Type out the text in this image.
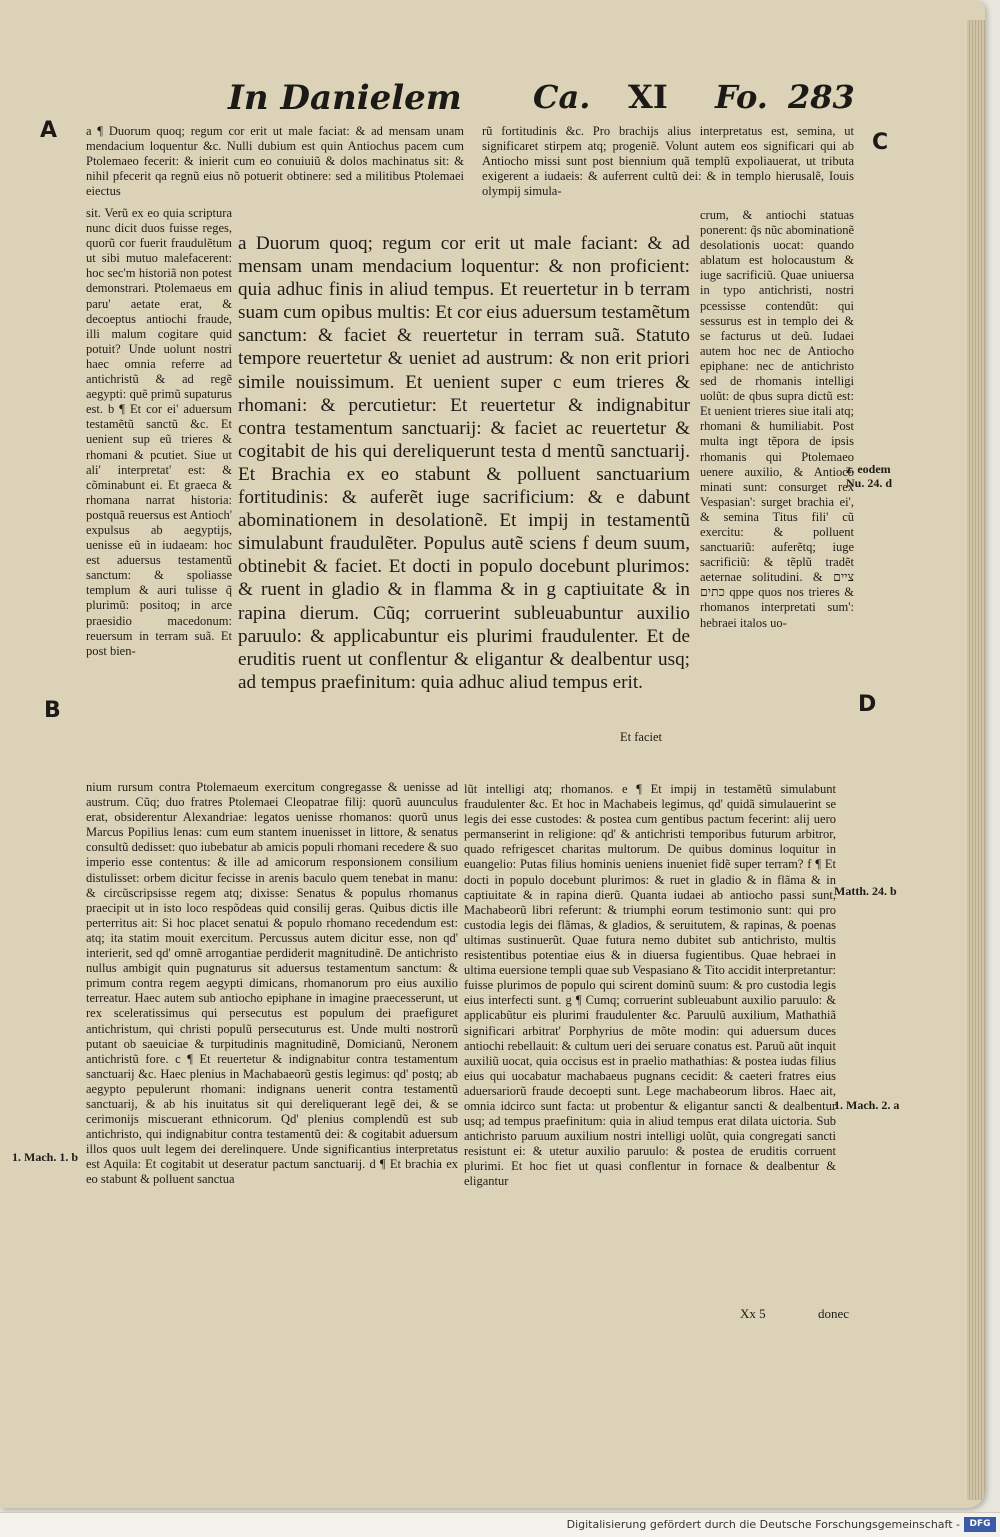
In Danielem Ca. XI Fo. 283
A
B
C
D
a ¶ Duorum quoq; regum cor erit ut male faciat: & ad mensam unam mendacium loquentur &c. Nulli dubium est quin Antiochus pacem cum Ptolemaeo fecerit: & inierit cum eo conuiuiũ & dolos machinatus sit: & nihil pfecerit qa regnũ eius nõ potuerit obtinere: sed a militibus Ptolemaei eiectus
rũ fortitudinis &c. Pro brachijs alius interpretatus est, semina, ut significaret stirpem atq; progeniẽ. Volunt autem eos significari qui ab Antiocho missi sunt post biennium quã templũ expoliauerat, ut tributa exigerent a iudaeis: & auferrent cultũ dei: & in templo hierusalẽ, Iouis olympij simula-
sit. Verũ ex eo quia scriptura nunc dicit duos fuisse reges, quorũ cor fuerit fraudulẽtum ut sibi mutuo malefacerent: hoc sec'm historiã non potest demonstrari. Ptolemaeus em paru' aetate erat, & decoeptus antiochi fraude, illi malum cogitare quid potuit? Unde uolunt nostri haec omnia referre ad antichristũ & ad regẽ aegypti: quẽ primũ supaturus est. b ¶ Et cor ei' aduersum testamẽtũ sanctũ &c. Et uenient sup eũ trieres & rhomani & pcutiet. Siue ut ali' interpretat' est: & cõminabunt ei. Et graeca & rhomana narrat historia: postquã reuersus est Antioch' expulsus ab aegyptijs, uenisse eũ in iudaeam: hoc est aduersus testamentũ sanctum: & spoliasse templum & auri tulisse q̃ plurimũ: positoq; in arce praesidio macedonum: reuersum in terram suã. Et post bien-
crum, & antiochi statuas ponerent: q̃s nũc abominationẽ desolationis uocat: quando ablatum est holocaustum & iuge sacrificiũ. Quae uniuersa in typo antichristi, nostri pcessisse contendũt: qui sessurus est in templo dei & se facturus ut deũ. Iudaei autem hoc nec de Antiocho epiphane: nec de antichristo sed de rhomanis intelligi uolũt: de qbus supra dictũ est: Et uenient trieres siue itali atq; rhomani & humiliabit. Post multa ingt tẽpora de ipsis rhomanis qui Ptolemaeo uenere auxilio, & Antiocõ minati sunt: consurget rex Vespasian': surget brachia ei', & semina Titus fili' cũ exercitu: & polluent sanctuariũ: auferẽtq; iuge sacrificiũ: & tẽplũ tradẽt aeternae solitudini. ציים & כתים qppe quos nos trieres & rhomanos interpretati sum': hebraei italos uo-
a Duorum quoq; regum cor erit ut male faciant: & ad mensam unam mendacium loquentur: & non proficient: quia adhuc finis in aliud tempus. Et reuertetur in b terram suam cum opibus multis: Et cor eius aduersum testamẽtum sanctum: & faciet & reuertetur in terram suã. Statuto tempore reuertetur & ueniet ad austrum: & non erit priori simile nouissimum. Et uenient super c eum trieres & rhomani: & percutietur: Et reuertetur & indignabitur contra testamentum sanctuarij: & faciet ac reuertetur & cogitabit de his qui dereliquerunt testa d mentũ sanctuarij. Et Brachia ex eo stabunt & polluent sanctuarium fortitudinis: & auferẽt iuge sacrificium: & e dabunt abominationem in desolationẽ. Et impij in testamentũ simulabunt fraudulẽter. Populus autẽ sciens f deum suum, obtinebit & faciet. Et docti in populo docebunt plurimos: & ruent in gladio & in flamma & in g captiuitate & in rapina dierum. Cũq; corruerint subleuabuntur auxilio paruulo: & applicabuntur eis plurimi fraudulenter. Et de eruditis ruent ut conflentur & eligantur & dealbentur usq; ad tempus praefinitum: quia adhuc aliud tempus erit.
Et faciet
nium rursum contra Ptolemaeum exercitum congregasse & uenisse ad austrum. Cũq; duo fratres Ptolemaei Cleopatrae filij: quorũ auunculus erat, obsiderentur Alexandriae: legatos uenisse rhomanos: quorũ unus Marcus Popilius lenas: cum eum stantem inuenisset in littore, & senatus consultũ dedisset: quo iubebatur ab amicis populi rhomani recedere & suo imperio esse contentus: & ille ad amicorum responsionem consilium distulisset: orbem dicitur fecisse in arenis baculo quem tenebat in manu: & circũscripsisse regem atq; dixisse: Senatus & populus rhomanus praecipit ut in isto loco respõdeas quid consilij geras. Quibus dictis ille perterritus ait: Si hoc placet senatui & populo rhomano recedendum est: atq; ita statim mouit exercitum. Percussus autem dicitur esse, non qd' interierit, sed qd' omnẽ arrogantiae perdiderit magnitudinẽ. De antichristo nullus ambigit quin pugnaturus sit aduersus testamentum sanctum: & primum contra regem aegypti dimicans, rhomanorum pro eius auxilio terreatur. Haec autem sub antiocho epiphane in imagine praecesserunt, ut rex sceleratissimus qui persecutus est populum dei praefiguret antichristum, qui christi populũ persecuturus est. Unde multi nostrorũ putant ob saeuiciae & turpitudinis magnitudinẽ, Domicianũ, Neronem antichristũ fore. c ¶ Et reuertetur & indignabitur contra testamentum sanctuarij &c. Haec plenius in Machabaeorũ gestis legimus: qd' postq; ab aegypto pepulerunt rhomani: indignans uenerit contra testamentũ sanctuarij, & ab his inuitatus sit qui dereliquerant legẽ dei, & se cerimonijs miscuerant ethnicorum. Qd' plenius complendũ est sub antichristo, qui indignabitur contra testamentũ dei: & cogitabit aduersum illos quos uult legem dei derelinquere. Unde significantius interpretatus est Aquila: Et cogitabit ut deseratur pactum sanctuarij. d ¶ Et brachia ex eo stabunt & polluent sanctua
lũt intelligi atq; rhomanos. e ¶ Et impij in testamẽtũ simulabunt fraudulenter &c. Et hoc in Machabeis legimus, qd' quidã simulauerint se legis dei esse custodes: & postea cum gentibus pactum fecerint: alij uero permanserint in religione: qd' & antichristi temporibus futurum arbitror, quado refrigescet charitas multorum. De quibus dominus loquitur in euangelio: Putas filius hominis ueniens inueniet fidẽ super terram? f ¶ Et docti in populo docebunt plurimos: & ruet in gladio & in flãma & in captiuitate & in rapina dierũ. Quanta iudaei ab antiocho passi sunt, Machabeorũ libri referunt: & triumphi eorum testimonio sunt: qui pro custodia legis dei flãmas, & gladios, & seruitutem, & rapinas, & poenas ultimas sustinuerũt. Quae futura nemo dubitet sub antichristo, multis resistentibus potentiae eius & in diuersa fugientibus. Quae hebraei in ultima euersione templi quae sub Vespasiano & Tito accidit interpretantur: fuisse plurimos de populo qui scirent dominũ suum: & pro custodia legis eius interfecti sunt. g ¶ Cumq; corruerint subleuabunt auxilio paruulo: & applicabũtur eis plurimi fraudulenter &c. Paruulũ auxilium, Mathathiã significari arbitrat' Porphyrius de mõte modin: qui aduersum duces antiochi rebellauit: & cultum ueri dei seruare conatus est. Paruũ aũt inquit auxiliũ uocat, quia occisus est in praelio mathathias: & postea iudas filius eius qui uocabatur machabaeus pugnans cecidit: & caeteri fratres eius aduersariorũ fraude decoepti sunt. Lege machabeorum libros. Haec ait, omnia idcirco sunt facta: ut probentur & eligantur sancti & dealbentur usq; ad tempus praefinitum: quia in aliud tempus erat dilata uictoria. Sub antichristo paruum auxilium nostri intelligi uolũt, quia congregati sancti resistunt ei: & utetur auxilio paruulo: & postea de eruditis corruent plurimi. Et hoc fiet ut quasi conflentur in fornace & dealbentur & eligantur
z. eodem
Nu. 24. d
Matth. 24. b
1. Mach. 2. a
1. Mach. 1. b
Xx 5	donec
Digitalisierung gefördert durch die Deutsche Forschungsgemeinschaft -	DFG
